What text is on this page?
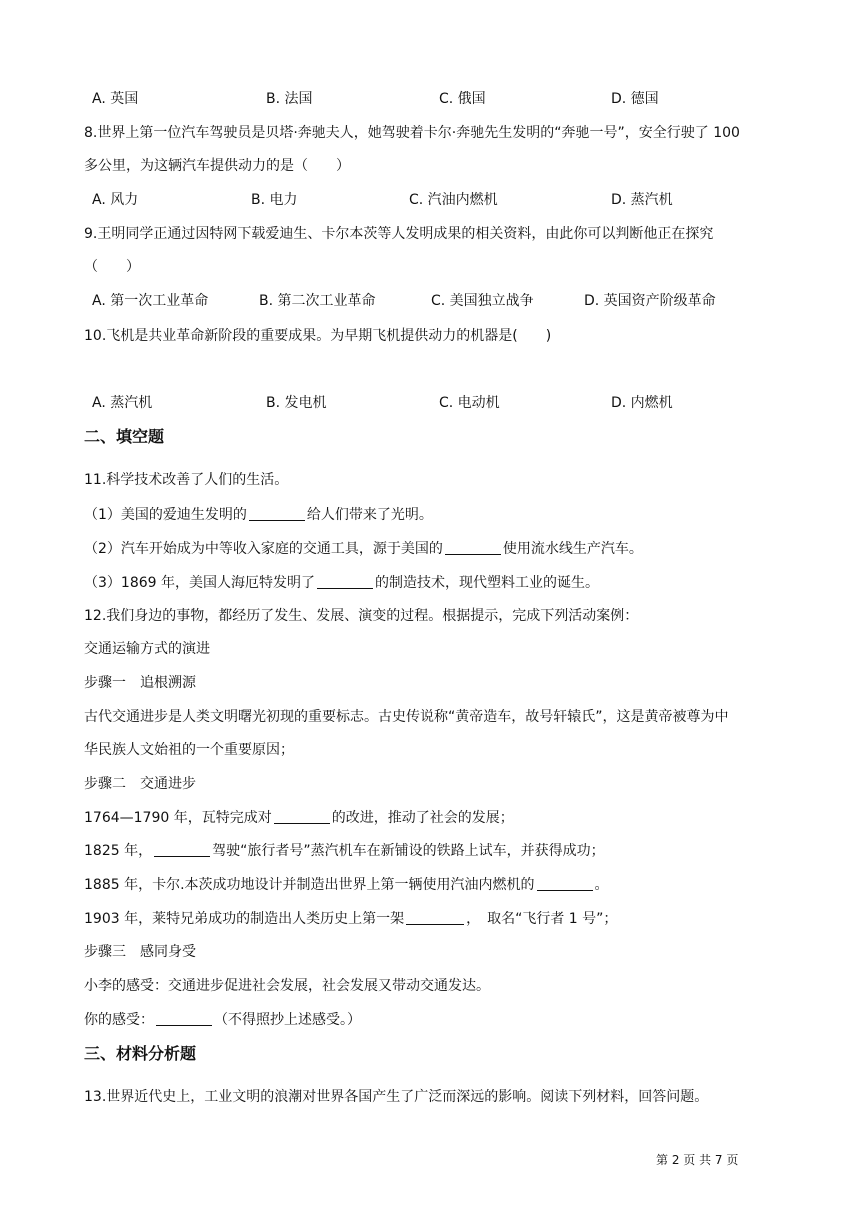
A. 英国	B. 法国	C. 俄国	D. 德国
8.世界上第一位汽车驾驶员是贝塔·奔驰夫人，她驾驶着卡尔·奔驰先生发明的“奔驰一号”，安全行驶了 100
多公里，为这辆汽车提供动力的是（　　）
A. 风力	B. 电力	C. 汽油内燃机	D. 蒸汽机
9.王明同学正通过因特网下载爱迪生、卡尔本茨等人发明成果的相关资料，由此你可以判断他正在探究
（　　）
A. 第一次工业革命	B. 第二次工业革命	C. 美国独立战争	D. 英国资产阶级革命
10.飞机是共业革命新阶段的重要成果。为早期飞机提供动力的机器是(　　)
A. 蒸汽机	B. 发电机	C. 电动机	D. 内燃机
二、填空题
11.科学技术改善了人们的生活。
（1）美国的爱迪生发明的	给人们带来了光明。
（2）汽车开始成为中等收入家庭的交通工具，源于美国的	使用流水线生产汽车。
（3）1869 年，美国人海厄特发明了	的制造技术，现代塑料工业的诞生。
12.我们身边的事物，都经历了发生、发展、演变的过程。根据提示，完成下列活动案例：
交通运输方式的演进
步骤一　追根溯源
古代交通进步是人类文明曙光初现的重要标志。古史传说称“黄帝造车，故号轩辕氏”，这是黄帝被尊为中
华民族人文始祖的一个重要原因；
步骤二　交通进步
1764—1790 年，瓦特完成对	的改进，推动了社会的发展；
1825 年，	驾驶“旅行者号”蒸汽机车在新铺设的铁路上试车，并获得成功；
1885 年，卡尔.本茨成功地设计并制造出世界上第一辆使用汽油内燃机的	。
1903 年，莱特兄弟成功的制造出人类历史上第一架	，　取名“飞行者 1 号”；
步骤三　感同身受
小李的感受：交通进步促进社会发展，社会发展又带动交通发达。
你的感受：	（不得照抄上述感受。）
三、材料分析题
13.世界近代史上，工业文明的浪潮对世界各国产生了广泛而深远的影响。阅读下列材料，回答问题。
第 2 页 共 7 页
